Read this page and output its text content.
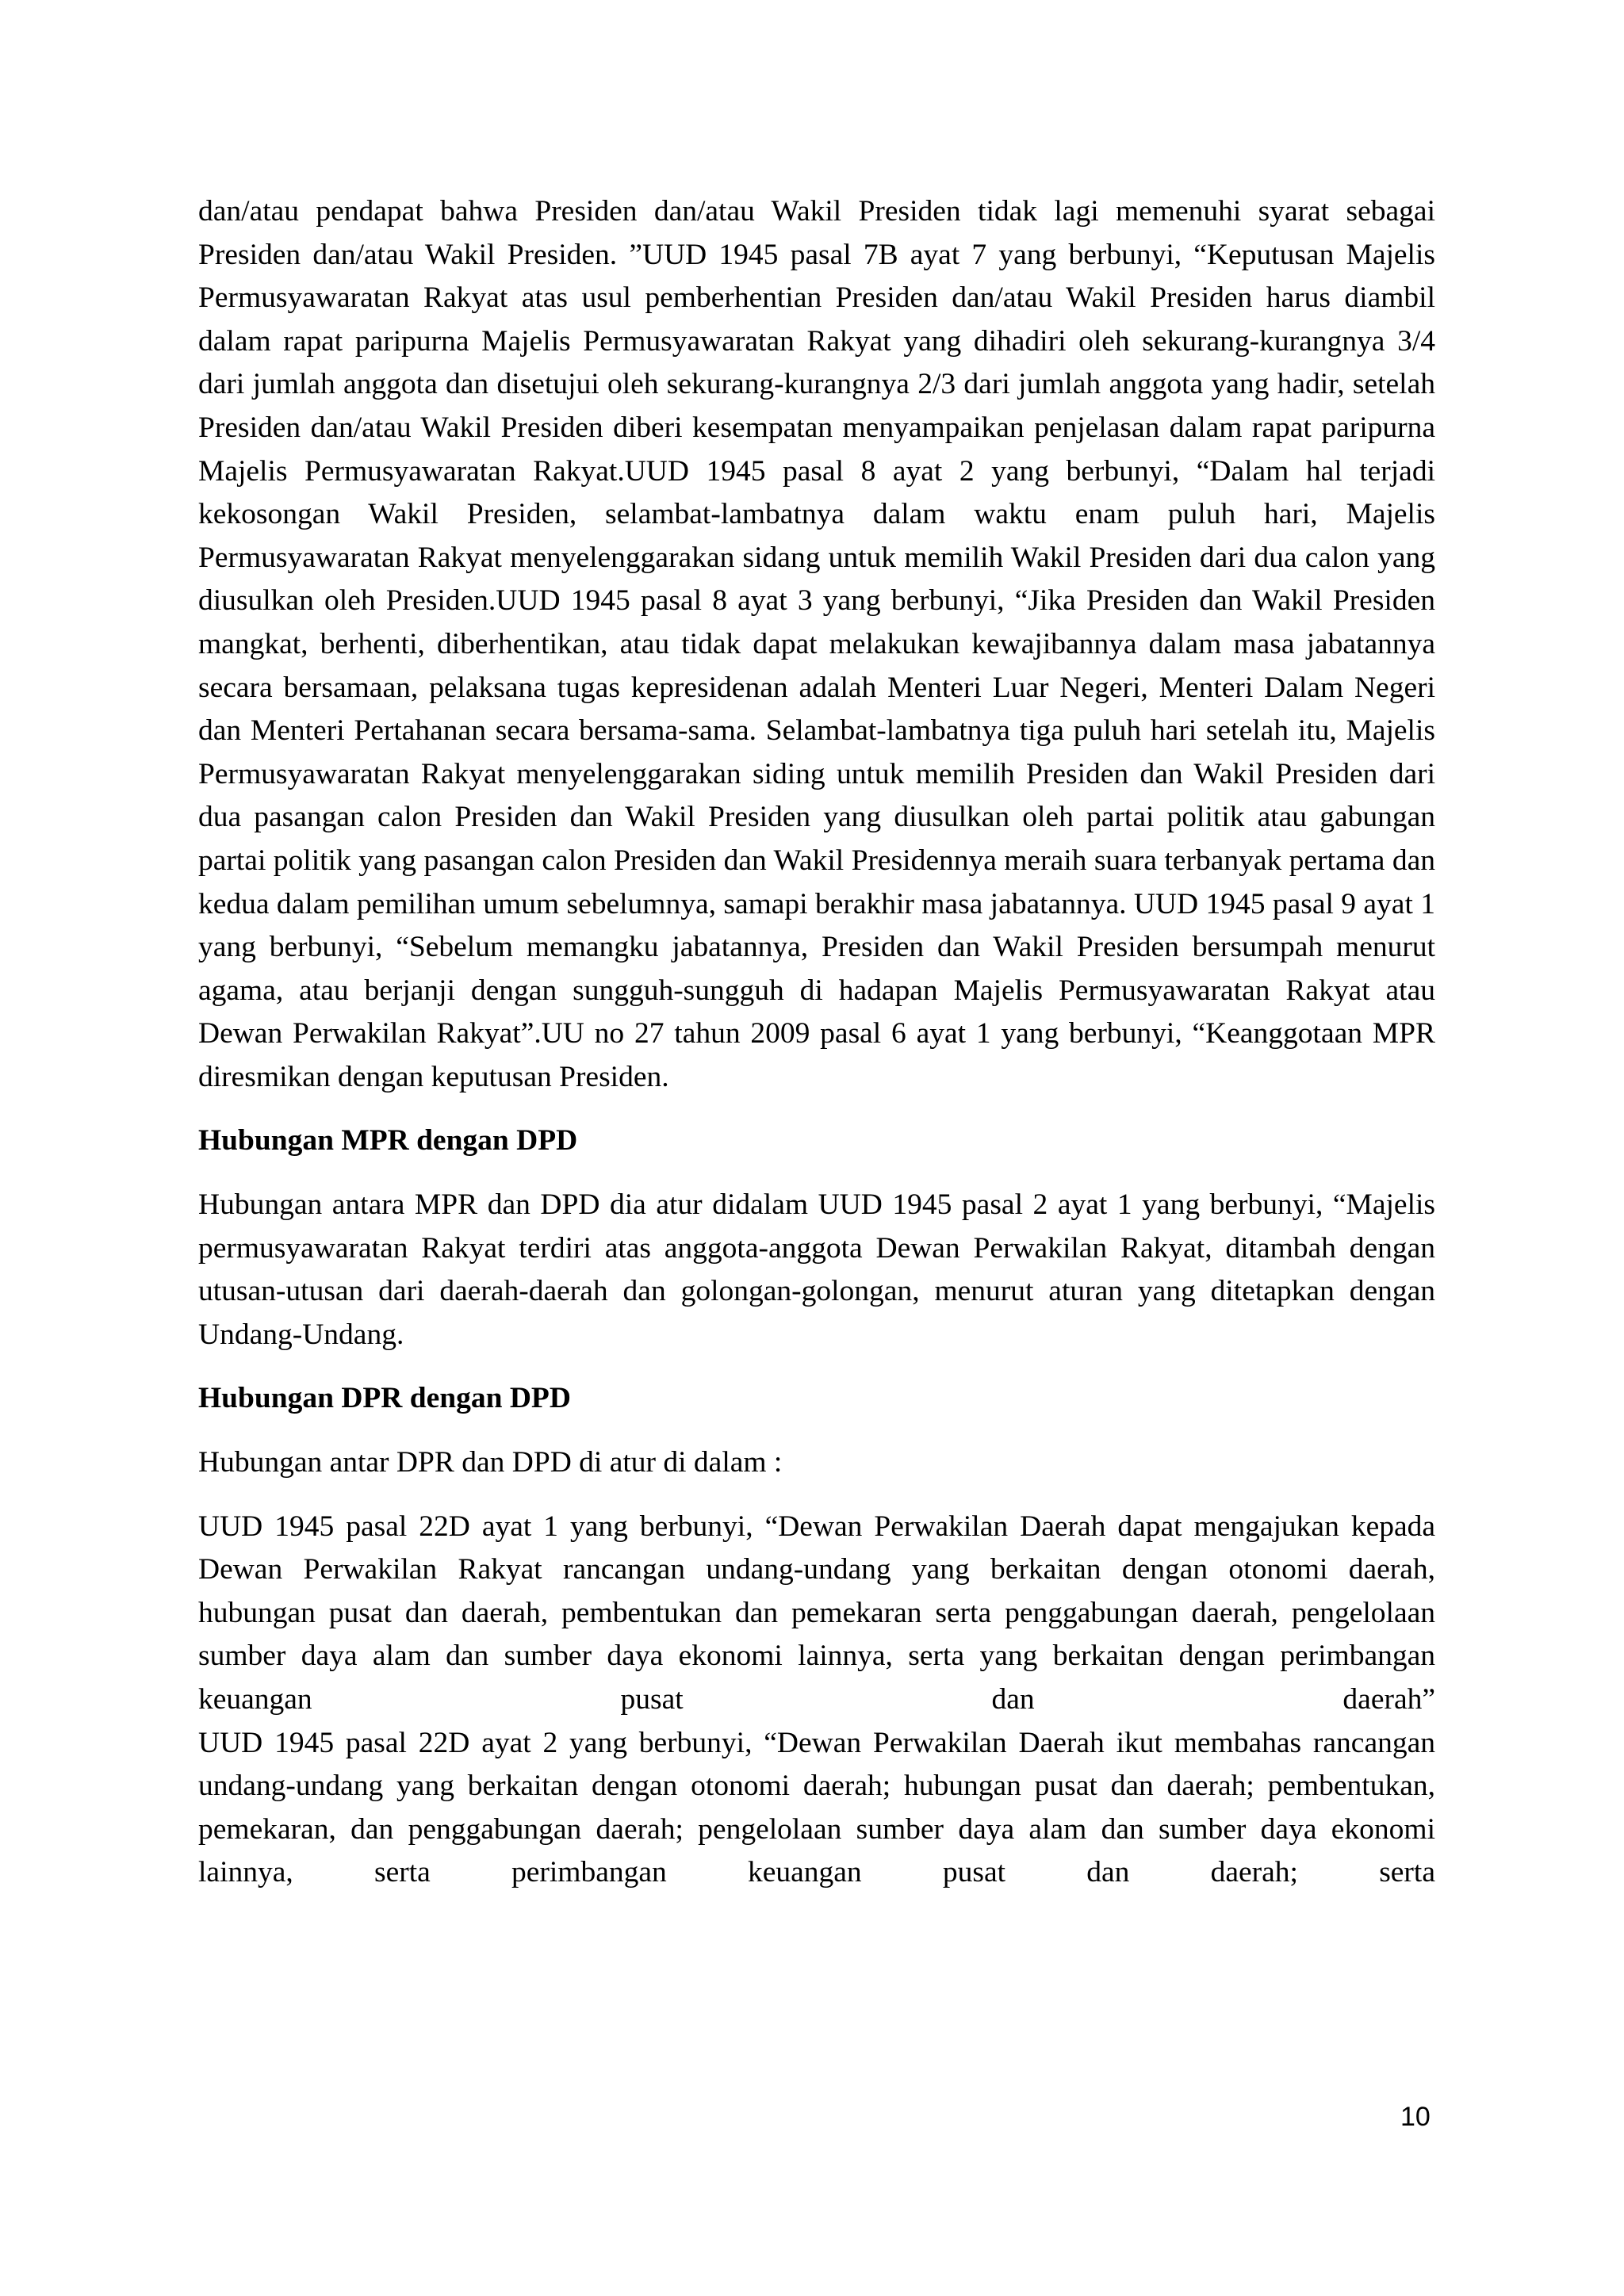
dan/atau pendapat bahwa Presiden dan/atau Wakil Presiden tidak lagi memenuhi syarat sebagai Presiden dan/atau Wakil Presiden. ”UUD 1945 pasal 7B ayat 7 yang berbunyi, “Keputusan Majelis Permusyawaratan Rakyat atas usul pemberhentian Presiden dan/atau Wakil Presiden harus diambil dalam rapat paripurna Majelis Permusyawaratan Rakyat yang dihadiri oleh sekurang-kurangnya 3/4 dari jumlah anggota dan disetujui oleh sekurang-kurangnya 2/3 dari jumlah anggota yang hadir, setelah Presiden dan/atau Wakil Presiden diberi kesempatan menyampaikan penjelasan dalam rapat paripurna Majelis Permusyawaratan Rakyat.UUD 1945 pasal 8 ayat 2 yang berbunyi, “Dalam hal terjadi kekosongan Wakil Presiden, selambat-lambatnya dalam waktu enam puluh hari, Majelis Permusyawaratan Rakyat menyelenggarakan sidang untuk memilih Wakil Presiden dari dua calon yang diusulkan oleh Presiden.UUD 1945 pasal 8 ayat 3 yang berbunyi, “Jika Presiden dan Wakil Presiden mangkat, berhenti, diberhentikan, atau tidak dapat melakukan kewajibannya dalam masa jabatannya secara bersamaan, pelaksana tugas kepresidenan adalah Menteri Luar Negeri, Menteri Dalam Negeri dan Menteri Pertahanan secara bersama-sama. Selambat-lambatnya tiga puluh hari setelah itu, Majelis Permusyawaratan Rakyat menyelenggarakan siding untuk memilih Presiden dan Wakil Presiden dari dua pasangan calon Presiden dan Wakil Presiden yang diusulkan oleh partai politik atau gabungan partai politik yang pasangan calon Presiden dan Wakil Presidennya meraih suara terbanyak pertama dan kedua dalam pemilihan umum sebelumnya, samapi berakhir masa jabatannya. UUD 1945 pasal 9 ayat 1 yang berbunyi, “Sebelum memangku jabatannya, Presiden dan Wakil Presiden bersumpah menurut agama, atau berjanji dengan sungguh-sungguh di hadapan Majelis Permusyawaratan Rakyat atau Dewan Perwakilan Rakyat”.UU no 27 tahun 2009 pasal 6 ayat 1 yang berbunyi, “Keanggotaan MPR diresmikan dengan keputusan Presiden.

Hubungan MPR dengan DPD

Hubungan antara MPR dan DPD dia atur didalam UUD 1945 pasal 2 ayat 1 yang berbunyi, “Majelis permusyawaratan Rakyat terdiri atas anggota-anggota Dewan Perwakilan Rakyat, ditambah dengan utusan-utusan dari daerah-daerah dan golongan-golongan, menurut aturan yang ditetapkan dengan Undang-Undang.

Hubungan DPR dengan DPD

Hubungan antar DPR dan DPD di atur di dalam :

UUD 1945 pasal 22D ayat 1 yang berbunyi, “Dewan Perwakilan Daerah dapat mengajukan kepada Dewan Perwakilan Rakyat rancangan undang-undang yang berkaitan dengan otonomi daerah, hubungan pusat dan daerah, pembentukan dan pemekaran serta penggabungan daerah, pengelolaan sumber daya alam dan sumber daya ekonomi lainnya, serta yang berkaitan dengan perimbangan keuangan pusat dan daerah”

UUD 1945 pasal 22D ayat 2 yang berbunyi, “Dewan Perwakilan Daerah ikut membahas rancangan undang-undang yang berkaitan dengan otonomi daerah; hubungan pusat dan daerah; pembentukan, pemekaran, dan penggabungan daerah; pengelolaan sumber daya alam dan sumber daya ekonomi lainnya, serta perimbangan keuangan pusat dan daerah; serta

10
